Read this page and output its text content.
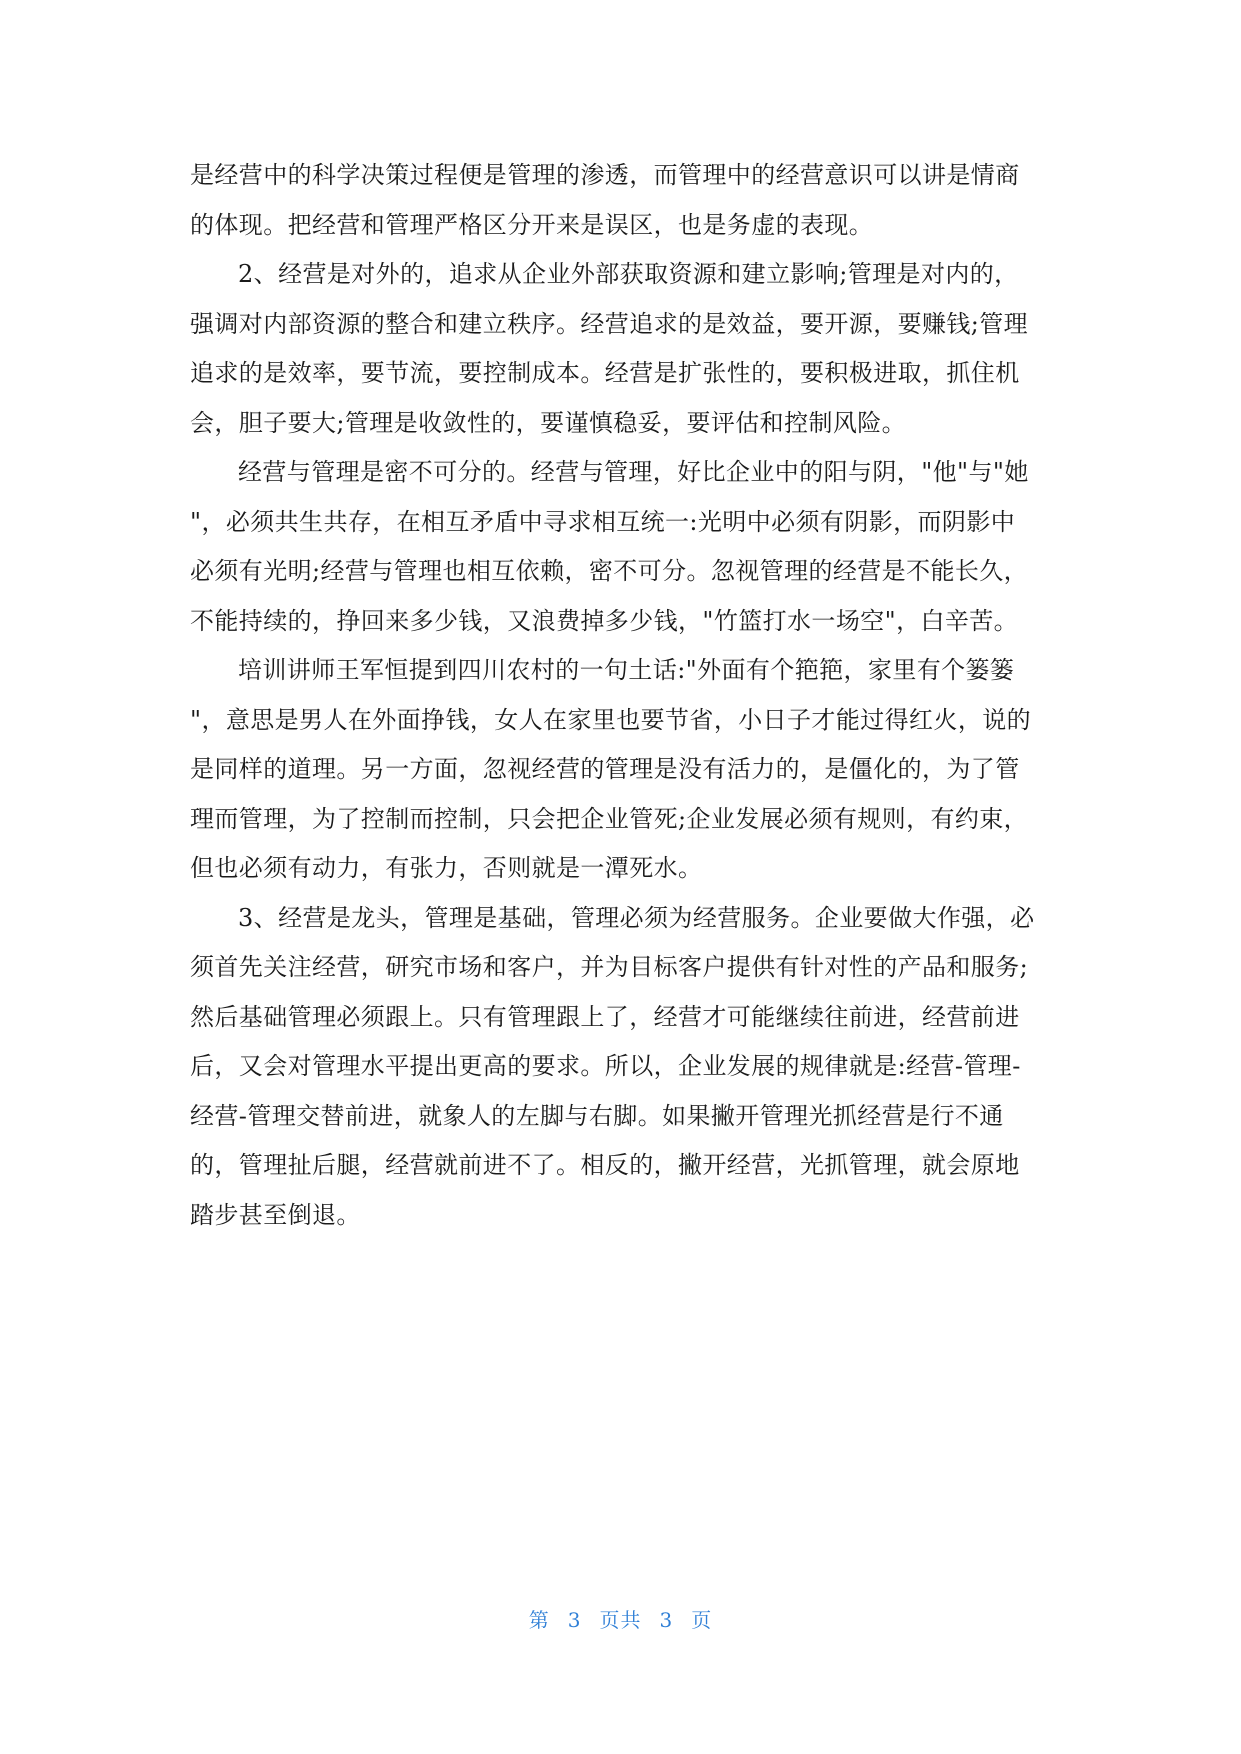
是经营中的科学决策过程便是管理的渗透，而管理中的经营意识可以讲是情商
的体现。把经营和管理严格区分开来是误区，也是务虚的表现。
2、经营是对外的，追求从企业外部获取资源和建立影响;管理是对内的，
强调对内部资源的整合和建立秩序。经营追求的是效益，要开源，要赚钱;管理
追求的是效率，要节流，要控制成本。经营是扩张性的，要积极进取，抓住机
会，胆子要大;管理是收敛性的，要谨慎稳妥，要评估和控制风险。
经营与管理是密不可分的。经营与管理，好比企业中的阳与阴，"他"与"她
"，必须共生共存，在相互矛盾中寻求相互统一:光明中必须有阴影，而阴影中
必须有光明;经营与管理也相互依赖，密不可分。忽视管理的经营是不能长久，
不能持续的，挣回来多少钱，又浪费掉多少钱，"竹篮打水一场空"，白辛苦。
培训讲师王军恒提到四川农村的一句土话:"外面有个筢筢，家里有个篓篓
"，意思是男人在外面挣钱，女人在家里也要节省，小日子才能过得红火，说的
是同样的道理。另一方面，忽视经营的管理是没有活力的，是僵化的，为了管
理而管理，为了控制而控制，只会把企业管死;企业发展必须有规则，有约束，
但也必须有动力，有张力，否则就是一潭死水。
3、经营是龙头，管理是基础，管理必须为经营服务。企业要做大作强，必
须首先关注经营，研究市场和客户，并为目标客户提供有针对性的产品和服务;
然后基础管理必须跟上。只有管理跟上了，经营才可能继续往前进，经营前进
后，又会对管理水平提出更高的要求。所以，企业发展的规律就是:经营-管理-
经营-管理交替前进，就象人的左脚与右脚。如果撇开管理光抓经营是行不通
的，管理扯后腿，经营就前进不了。相反的，撇开经营，光抓管理，就会原地
踏步甚至倒退。
第 3 页共 3 页
